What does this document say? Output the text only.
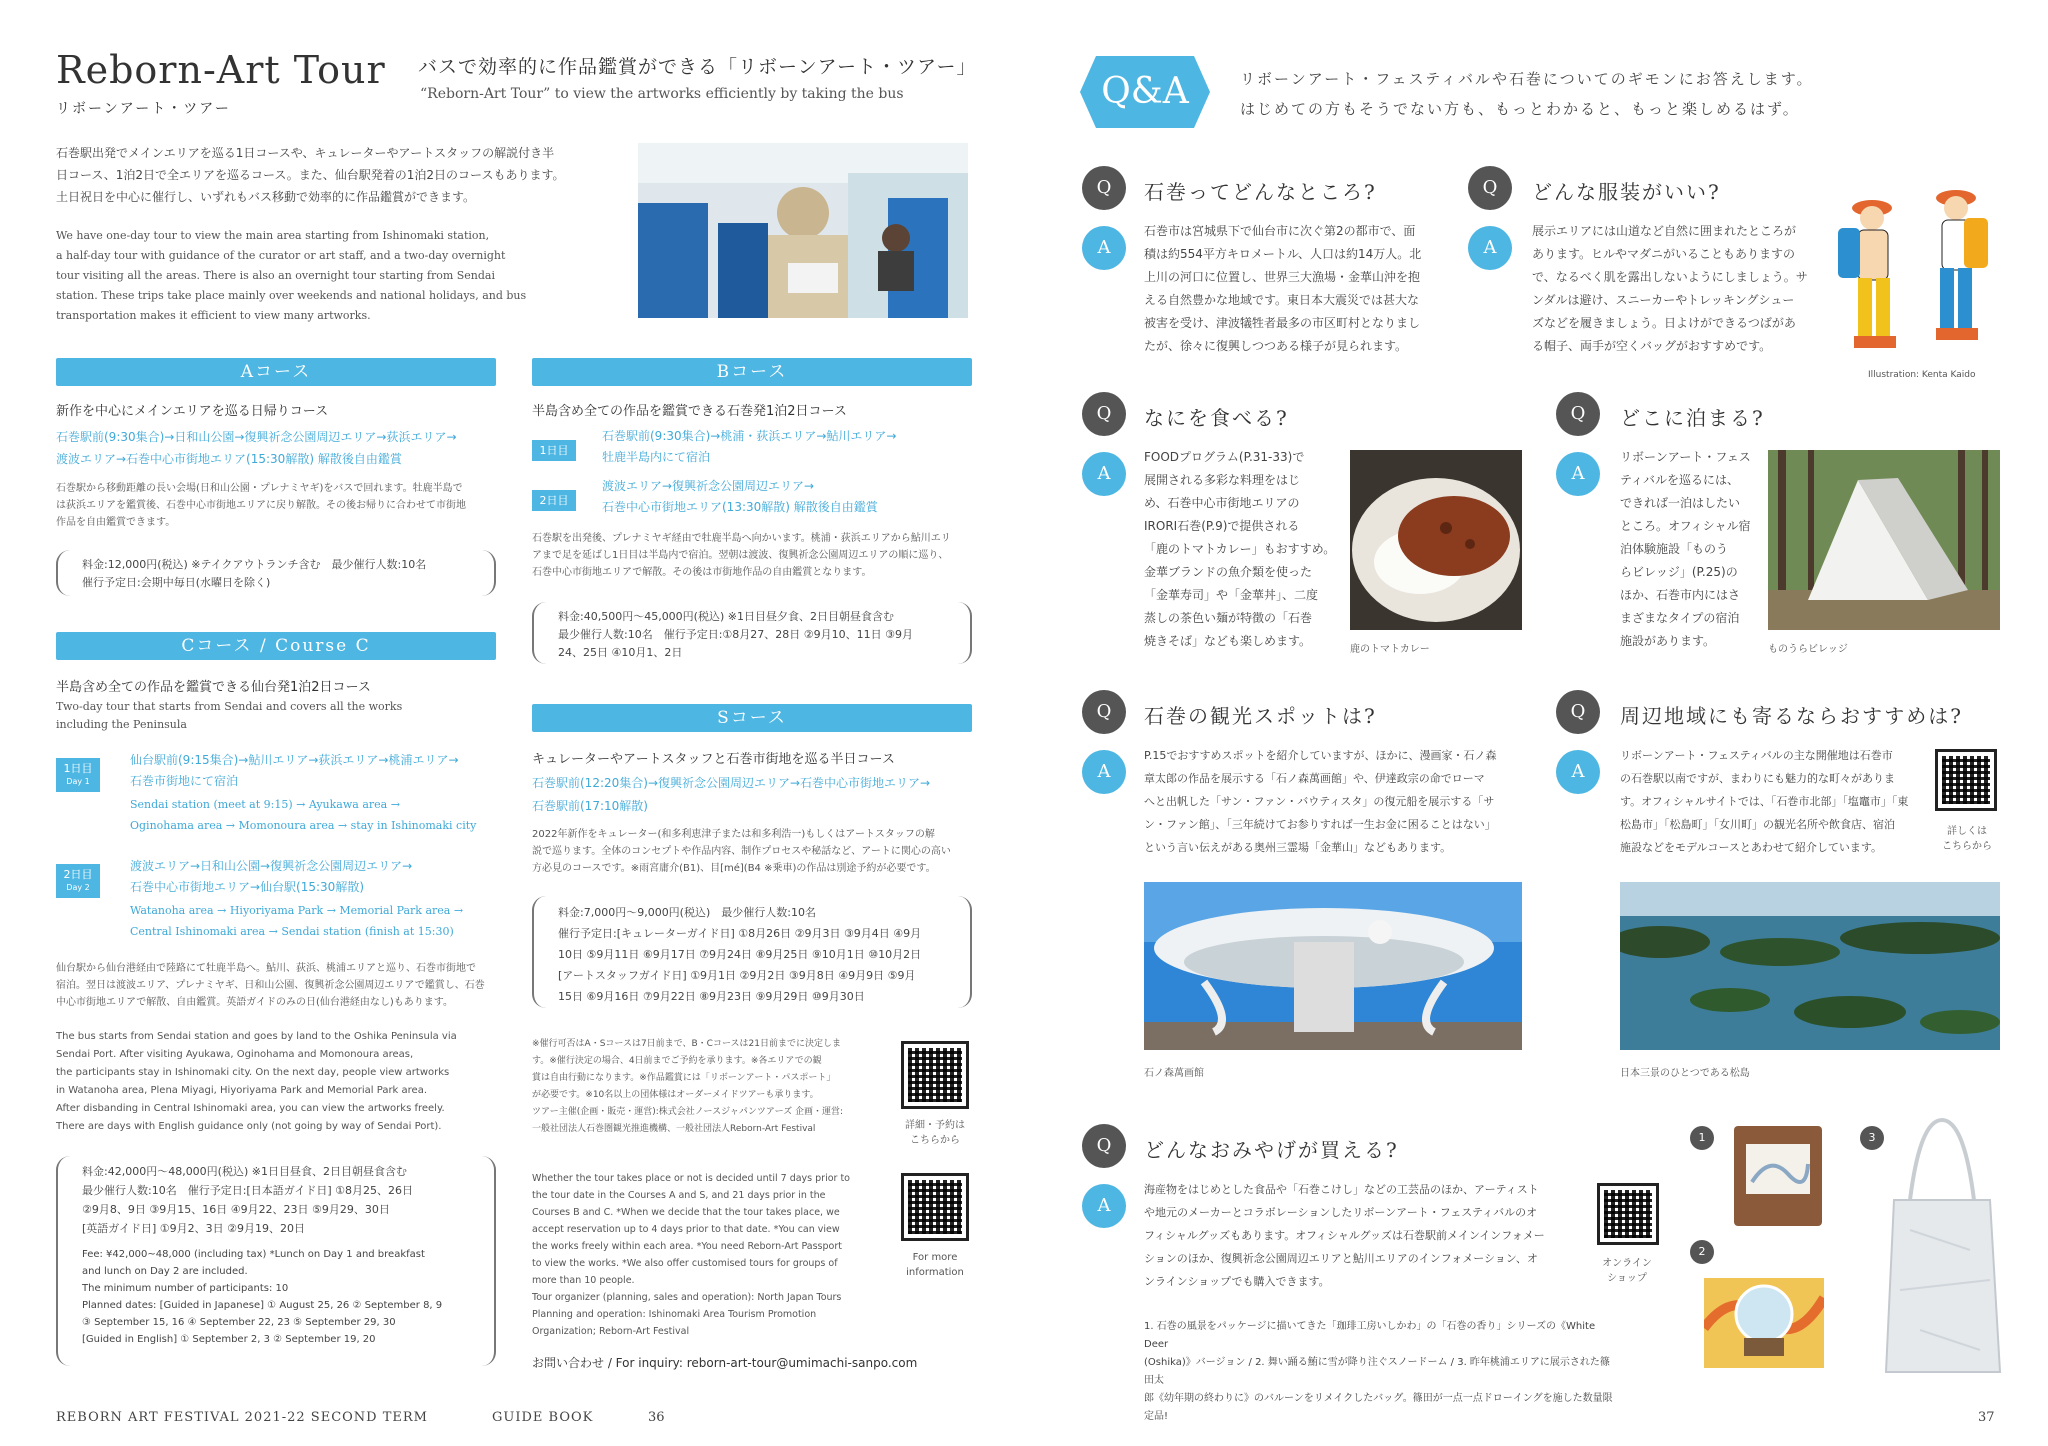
Reborn-Art Tour
リボーンアート・ツアー
バスで効率的に作品鑑賞ができる「リボーンアート・ツアー」
“Reborn-Art Tour” to view the artworks efficiently by taking the bus
石巻駅出発でメインエリアを巡る1日コースや、キュレーターやアートスタッフの解説付き半
日コース、1泊2日で全エリアを巡るコース。また、仙台駅発着の1泊2日のコースもあります。
土日祝日を中心に催行し、いずれもバス移動で効率的に作品鑑賞ができます。
We have one-day tour to view the main area starting from Ishinomaki station,
a half-day tour with guidance of the curator or art staff, and a two-day overnight
tour visiting all the areas. There is also an overnight tour starting from Sendai
station. These trips take place mainly over weekends and national holidays, and bus
transportation makes it efficient to view many artworks.
Aコース
新作を中心にメインエリアを巡る日帰りコース
石巻駅前(9:30集合)→日和山公園→復興祈念公園周辺エリア→荻浜エリア→
渡波エリア→石巻中心市街地エリア(15:30解散) 解散後自由鑑賞
石巻駅から移動距離の長い会場(日和山公園・プレナミヤギ)をバスで回れます。牡鹿半島で
は荻浜エリアを鑑賞後、石巻中心市街地エリアに戻り解散。その後お帰りに合わせて市街地
作品を自由鑑賞できます。
料金:12,000円(税込) ※テイクアウトランチ含む　最少催行人数:10名
催行予定日:会期中毎日(水曜日を除く)
Cコース / Course C
半島含め全ての作品を鑑賞できる仙台発1泊2日コース
Two-day tour that starts from Sendai and covers all the works
including the Peninsula
1日目
Day 1
仙台駅前(9:15集合)→鮎川エリア→荻浜エリア→桃浦エリア→
石巻市街地にて宿泊
Sendai station (meet at 9:15) → Ayukawa area →
Oginohama area → Momonoura area → stay in Ishinomaki city
2日目
Day 2
渡波エリア→日和山公園→復興祈念公園周辺エリア→
石巻中心市街地エリア→仙台駅(15:30解散)
Watanoha area → Hiyoriyama Park → Memorial Park area →
Central Ishinomaki area → Sendai station (finish at 15:30)
仙台駅から仙台港経由で陸路にて牡鹿半島へ。鮎川、荻浜、桃浦エリアと巡り、石巻市街地で
宿泊。翌日は渡波エリア、プレナミヤギ、日和山公園、復興祈念公園周辺エリアで鑑賞し、石巻
中心市街地エリアで解散、自由鑑賞。英語ガイドのみの日(仙台港経由なし)もあります。
The bus starts from Sendai station and goes by land to the Oshika Peninsula via
Sendai Port. After visiting Ayukawa, Oginohama and Momonoura areas,
the participants stay in Ishinomaki city. On the next day, people view artworks
in Watanoha area, Plena Miyagi, Hiyoriyama Park and Memorial Park area.
After disbanding in Central Ishinomaki area, you can view the artworks freely.
There are days with English guidance only (not going by way of Sendai Port).
料金:42,000円〜48,000円(税込) ※1日目昼食、2日目朝昼食含む
最少催行人数:10名　催行予定日:[日本語ガイド日] ①8月25、26日
②9月8、9日 ③9月15、16日 ④9月22、23日 ⑤9月29、30日
[英語ガイド日] ①9月2、3日 ②9月19、20日
Fee: ¥42,000~48,000 (including tax) *Lunch on Day 1 and breakfast
and lunch on Day 2 are included.
The minimum number of participants: 10
Planned dates: [Guided in Japanese] ① August 25, 26 ② September 8, 9
③ September 15, 16 ④ September 22, 23 ⑤ September 29, 30
[Guided in English] ① September 2, 3 ② September 19, 20
Bコース
半島含め全ての作品を鑑賞できる石巻発1泊2日コース
1日目
石巻駅前(9:30集合)→桃浦・荻浜エリア→鮎川エリア→
牡鹿半島内にて宿泊
2日目
渡波エリア→復興祈念公園周辺エリア→
石巻中心市街地エリア(13:30解散) 解散後自由鑑賞
石巻駅を出発後、プレナミヤギ経由で牡鹿半島へ向かいます。桃浦・荻浜エリアから鮎川エリ
アまで足を延ばし1日目は半島内で宿泊。翌朝は渡波、復興祈念公園周辺エリアの順に巡り、
石巻中心市街地エリアで解散。その後は市街地作品の自由鑑賞となります。
料金:40,500円〜45,000円(税込) ※1日目昼夕食、2日目朝昼食含む
最少催行人数:10名　催行予定日:①8月27、28日 ②9月10、11日 ③9月
24、25日 ④10月1、2日
Sコース
キュレーターやアートスタッフと石巻市街地を巡る半日コース
石巻駅前(12:20集合)→復興祈念公園周辺エリア→石巻中心市街地エリア→
石巻駅前(17:10解散)
2022年新作をキュレーター(和多利恵津子または和多利浩一)もしくはアートスタッフの解
説で巡ります。全体のコンセプトや作品内容、制作プロセスや秘話など、アートに関心の高い
方必見のコースです。※雨宮庸介(B1)、目[mé](B4 ※乗車)の作品は別途予約が必要です。
料金:7,000円〜9,000円(税込)　最少催行人数:10名
催行予定日:[キュレーターガイド日] ①8月26日 ②9月3日 ③9月4日 ④9月
10日 ⑤9月11日 ⑥9月17日 ⑦9月24日 ⑧9月25日 ⑨10月1日 ⑩10月2日
[アートスタッフガイド日] ①9月1日 ②9月2日 ③9月8日 ④9月9日 ⑤9月
15日 ⑥9月16日 ⑦9月22日 ⑧9月23日 ⑨9月29日 ⑩9月30日
※催行可否はA・Sコースは7日前まで、B・Cコースは21日前までに決定しま
す。※催行決定の場合、4日前までご予約を承ります。※各エリアでの観
賞は自由行動になります。※作品鑑賞には「リボーンアート・パスポート」
が必要です。※10名以上の団体様はオーダーメイドツアーも承ります。
ツアー主催(企画・販売・運営):株式会社ノースジャパンツアーズ 企画・運営:
一般社団法人石巻圏観光推進機構、一般社団法人Reborn-Art Festival	詳細・予約は
こちらから
Whether the tour takes place or not is decided until 7 days prior to
the tour date in the Courses A and S, and 21 days prior in the
Courses B and C. *When we decide that the tour takes place, we
accept reservation up to 4 days prior to that date. *You can view
the works freely within each area. *You need Reborn-Art Passport
to view the works. *We also offer customised tours for groups of
more than 10 people.
Tour organizer (planning, sales and operation): North Japan Tours
Planning and operation: Ishinomaki Area Tourism Promotion
Organization; Reborn-Art Festival
For more
information
お問い合わせ / For inquiry: reborn-art-tour@umimachi-sanpo.com
REBORN ART FESTIVAL 2021-22 SECOND TERM	GUIDE BOOK	36
Q&A	リボーンアート・フェスティバルや石巻についてのギモンにお答えします。
はじめての方もそうでない方も、もっとわかると、もっと楽しめるはず。
Q	石巻ってどんなところ?
A
石巻市は宮城県下で仙台市に次ぐ第2の都市で、面
積は約554平方キロメートル、人口は約14万人。北
上川の河口に位置し、世界三大漁場・金華山沖を抱
える自然豊かな地域です。東日本大震災では甚大な
被害を受け、津波犠牲者最多の市区町村となりまし
たが、徐々に復興しつつある様子が見られます。
Q	どんな服装がいい?
A
展示エリアには山道など自然に囲まれたところが
あります。ヒルやマダニがいることもありますの
で、なるべく肌を露出しないようにしましょう。サ
ンダルは避け、スニーカーやトレッキングシュー
ズなどを履きましょう。日よけができるつばがあ
る帽子、両手が空くバッグがおすすめです。
Illustration: Kenta Kaido
Q	なにを食べる?
A
FOODプログラム(P.31-33)で
展開される多彩な料理をはじ
め、石巻中心市街地エリアの
IRORI石巻(P.9)で提供される
「鹿のトマトカレー」もおすすめ。
金華ブランドの魚介類を使った
「金華寿司」や「金華丼」、二度
蒸しの茶色い麺が特徴の「石巻
焼きそば」なども楽しめます。
鹿のトマトカレー
Q	どこに泊まる?
A
リボーンアート・フェス
ティバルを巡るには、
できれば一泊はしたい
ところ。オフィシャル宿
泊体験施設「ものう
らビレッジ」(P.25)の
ほか、石巻市内にはさ
まざまなタイプの宿泊
施設があります。
ものうらビレッジ
Q	石巻の観光スポットは?
A
P.15でおすすめスポットを紹介していますが、ほかに、漫画家・石ノ森
章太郎の作品を展示する「石ノ森萬画館」や、伊達政宗の命でローマ
へと出帆した「サン・ファン・バウティスタ」の復元船を展示する「サ
ン・ファン館」、「三年続けてお参りすれば一生お金に困ることはない」
という言い伝えがある奥州三霊場「金華山」などもあります。
石ノ森萬画館
Q	周辺地域にも寄るならおすすめは?
A
リボーンアート・フェスティバルの主な開催地は石巻市
の石巻駅以南ですが、まわりにも魅力的な町々がありま
す。オフィシャルサイトでは、「石巻市北部」「塩竈市」「東
松島市」「松島町」「女川町」の観光名所や飲食店、宿泊
施設などをモデルコースとあわせて紹介しています。
詳しくは
こちらから
日本三景のひとつである松島
Q	どんなおみやげが買える?
A
海産物をはじめとした食品や「石巻こけし」などの工芸品のほか、アーティスト
や地元のメーカーとコラボレーションしたリボーンアート・フェスティバルのオ
フィシャルグッズもあります。オフィシャルグッズは石巻駅前メインインフォメー
ションのほか、復興祈念公園周辺エリアと鮎川エリアのインフォメーション、オ
ンラインショップでも購入できます。
オンライン
ショップ
1. 石巻の風景をパッケージに描いてきた「珈琲工房いしかわ」の「石巻の香り」シリーズの《White Deer
(Oshika)》バージョン / 2. 舞い踊る鮪に雪が降り注ぐスノードーム / 3. 昨年桃浦エリアに展示された篠田太
郎《幼年期の終わりに》のバルーンをリメイクしたバッグ。篠田が一点一点ドローイングを施した数量限定品!
1
2
3
37
